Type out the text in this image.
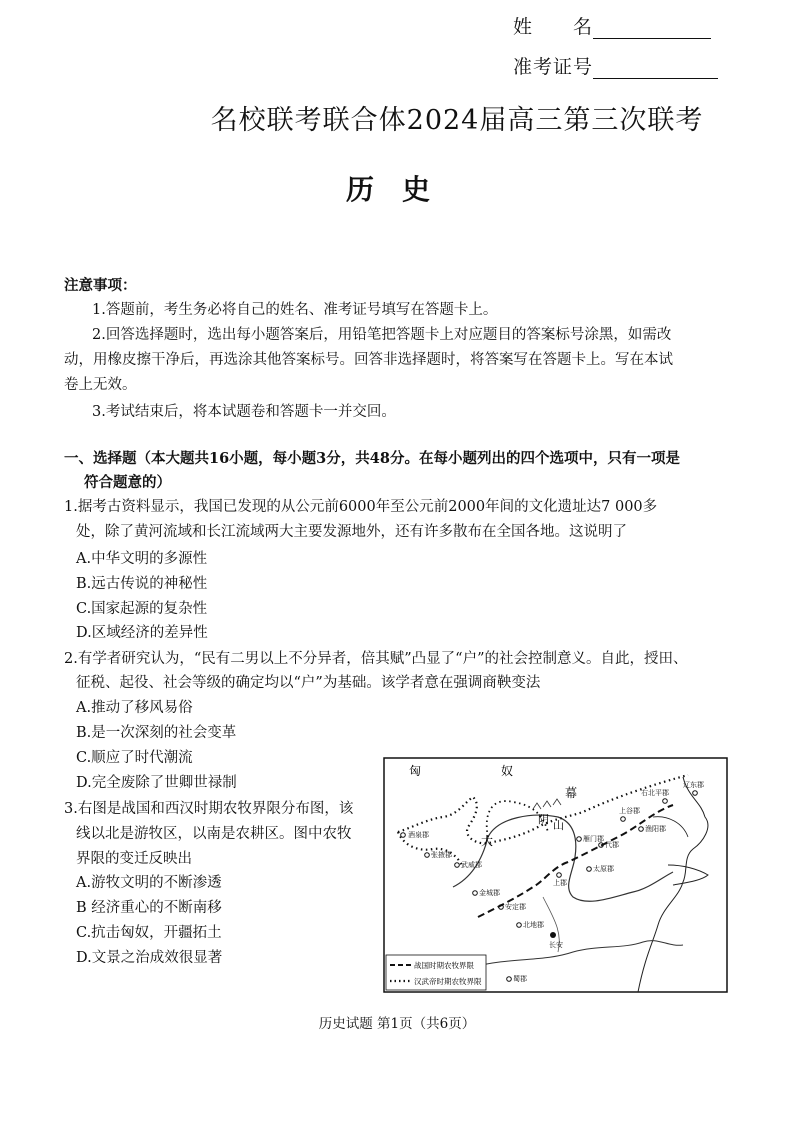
姓　　名
准考证号
名校联考联合体2024届高三第三次联考
历史
注意事项：
1.答题前，考生务必将自己的姓名、准考证号填写在答题卡上。
2.回答选择题时，选出每小题答案后，用铅笔把答题卡上对应题目的答案标号涂黑，如需改
动，用橡皮擦干净后，再选涂其他答案标号。回答非选择题时，将答案写在答题卡上。写在本试
卷上无效。
3.考试结束后，将本试题卷和答题卡一并交回。
一、选择题（本大题共16小题，每小题3分，共48分。在每小题列出的四个选项中，只有一项是
符合题意的）
1.据考古资料显示，我国已发现的从公元前6000年至公元前2000年间的文化遗址达7 000多
处，除了黄河流域和长江流域两大主要发源地外，还有许多散布在全国各地。这说明了
A.中华文明的多源性
B.远古传说的神秘性
C.国家起源的复杂性
D.区域经济的差异性
2.有学者研究认为，“民有二男以上不分异者，倍其赋”凸显了“户”的社会控制意义。自此，授田、
征税、起役、社会等级的确定均以“户”为基础。该学者意在强调商鞅变法
A.推动了移风易俗
B.是一次深刻的社会变革
C.顺应了时代潮流
D.完全废除了世卿世禄制
3.右图是战国和西汉时期农牧界限分布图，该
线以北是游牧区，以南是农耕区。图中农牧
界限的变迁反映出
A.游牧文明的不断渗透
B 经济重心的不断南移
C.抗击匈奴，开疆拓土
D.文景之治成效很显著
匈	奴
幕
大
阴 山
酒泉郡
张掖郡
武威郡
金城郡
安定郡
北地郡
上郡
雁门郡
代郡
上谷郡
渔阳郡
右北平郡
辽东郡
太原郡
长安
蜀郡
战国时期农牧界限
汉武帝时期农牧界限
历史试题 第1页（共6页）
